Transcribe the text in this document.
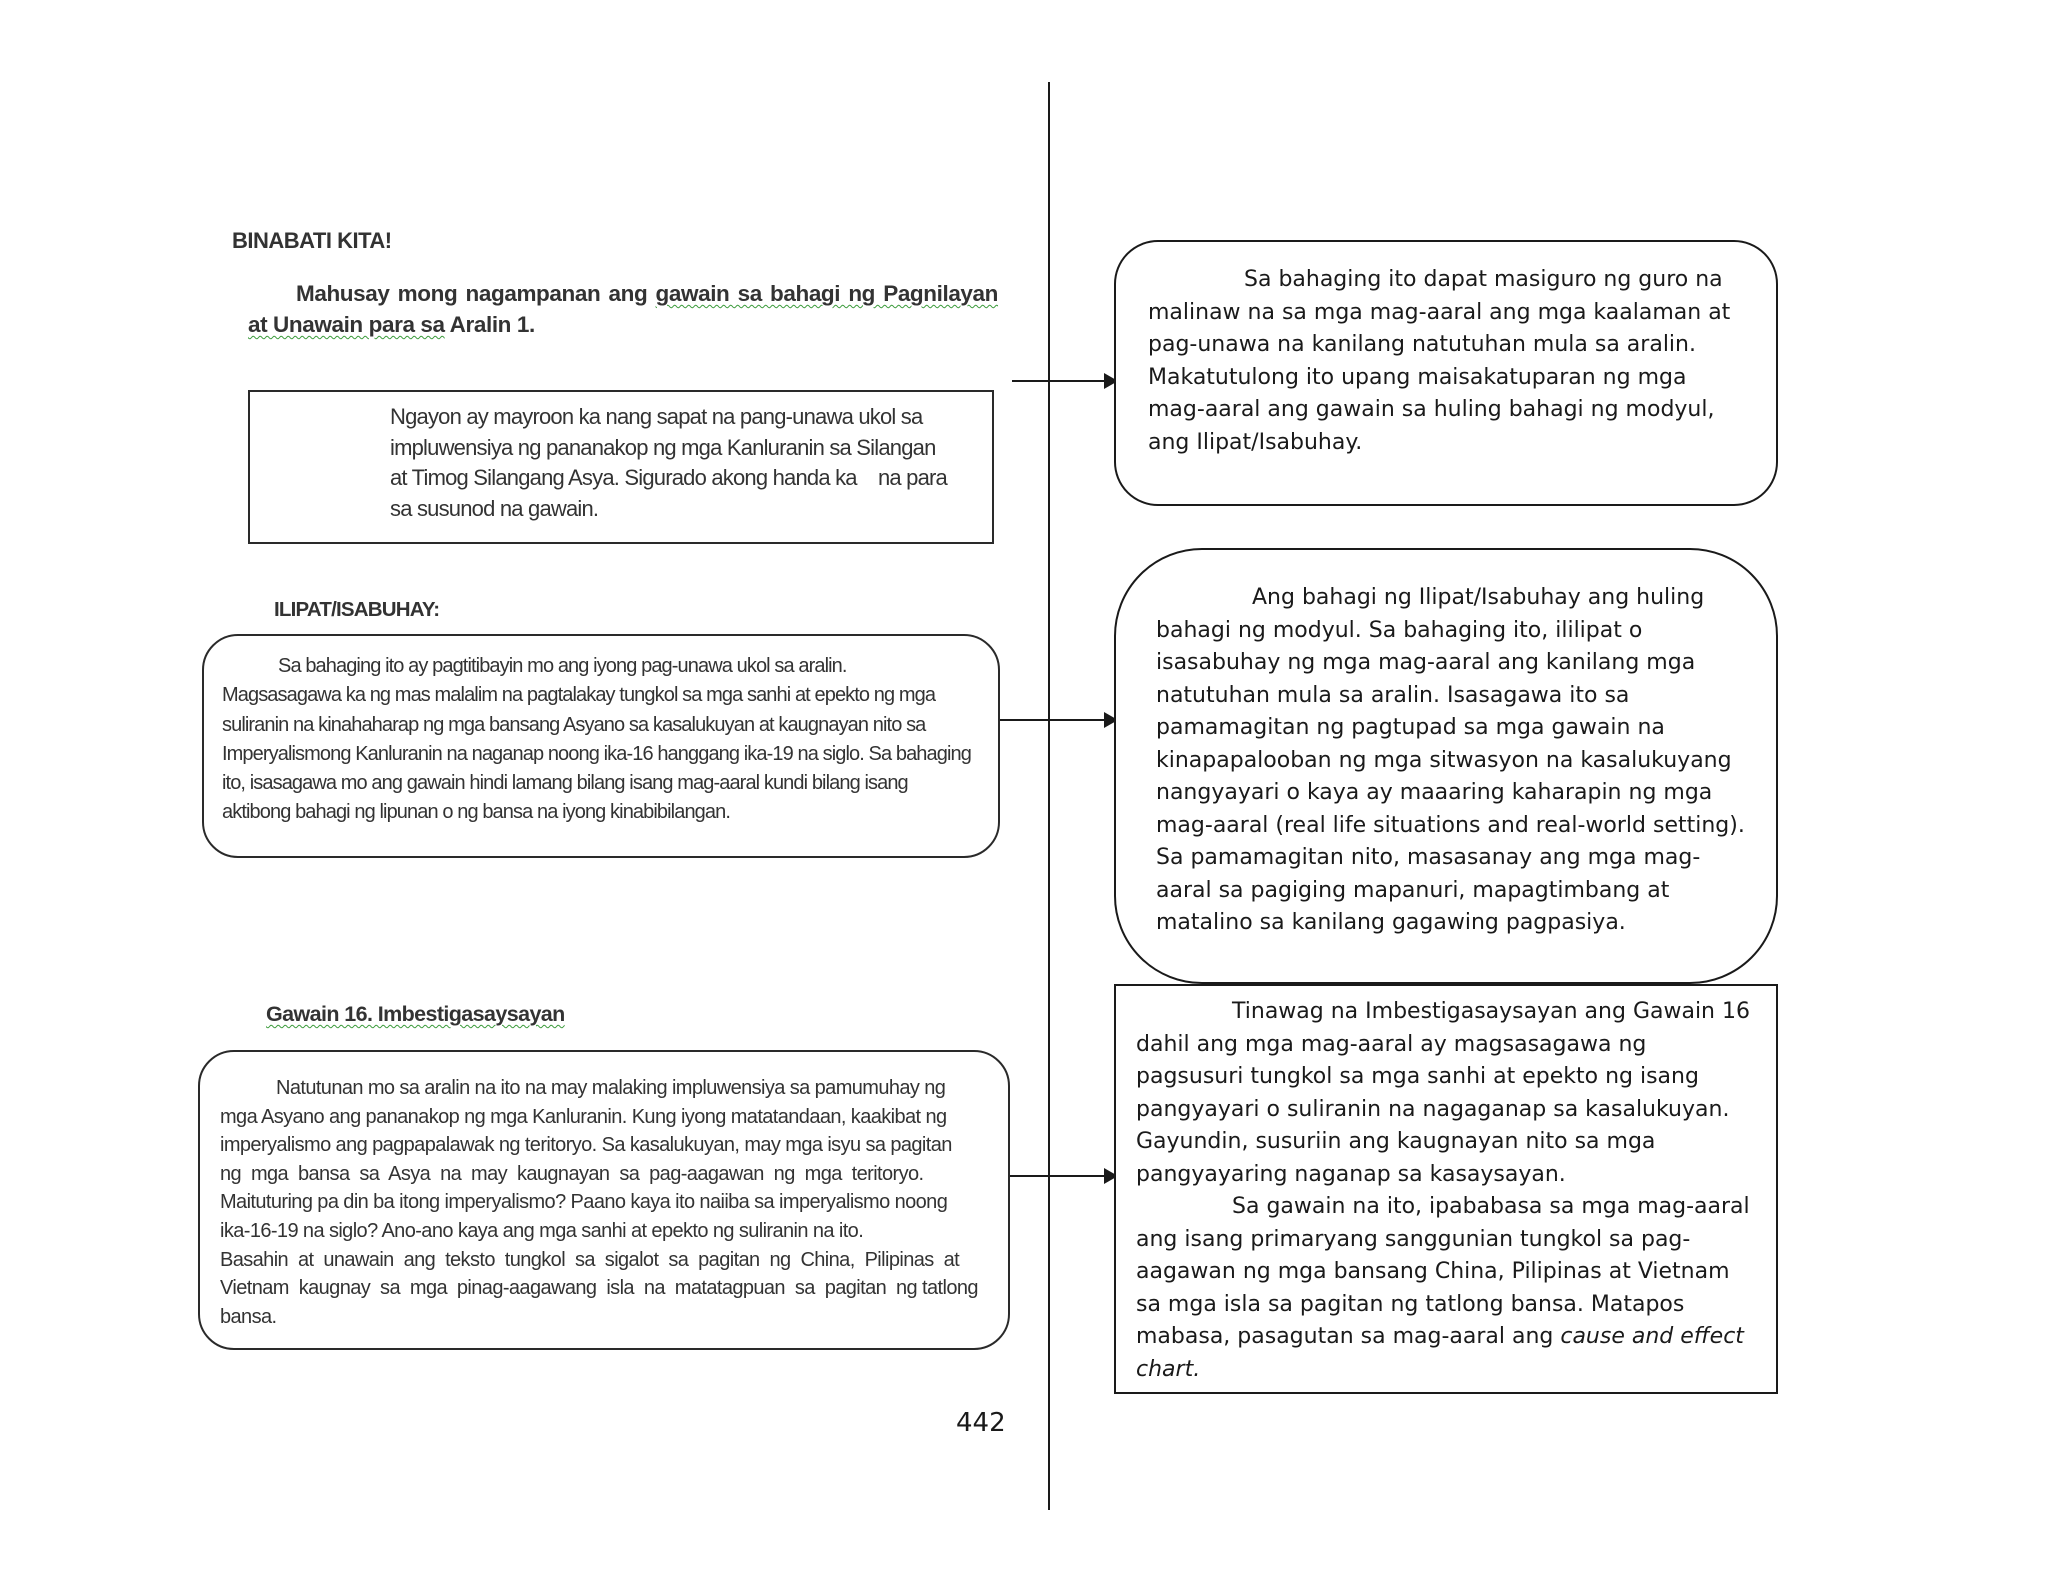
BINABATI KITA!
Mahusay mong nagampanan ang gawain sa bahagi ng Pagnilayan
at Unawain para sa Aralin 1.
Ngayon ay mayroon ka nang sapat na pang-unawa ukol sa
impluwensiya ng pananakop ng mga Kanluranin sa Silangan
at Timog Silangang Asya. Sigurado akong handa ka    na para
sa susunod na gawain.
ILIPAT/ISABUHAY:
Sa bahaging ito ay pagtitibayin mo ang iyong pag-unawa ukol sa aralin.
Magsasagawa ka ng mas malalim na pagtalakay tungkol sa mga sanhi at epekto ng mga
suliranin na kinahaharap ng mga bansang Asyano sa kasalukuyan at kaugnayan nito sa
Imperyalismong Kanluranin na naganap noong ika-16 hanggang ika-19 na siglo. Sa bahaging
ito, isasagawa mo ang gawain hindi lamang bilang isang mag-aaral kundi bilang isang
aktibong bahagi ng lipunan o ng bansa na iyong kinabibilangan.
Gawain 16. Imbestigasaysayan
Natutunan mo sa aralin na ito na may malaking impluwensiya sa pamumuhay ng
mga Asyano ang pananakop ng mga Kanluranin. Kung iyong matatandaan, kaakibat ng
imperyalismo ang pagpapalawak ng teritoryo. Sa kasalukuyan, may mga isyu sa pagitan
ng  mga  bansa  sa  Asya  na  may  kaugnayan  sa  pag-aagawan  ng  mga  teritoryo.
Maituturing pa din ba itong imperyalismo? Paano kaya ito naiiba sa imperyalismo noong
ika-16-19 na siglo? Ano-ano kaya ang mga sanhi at epekto ng suliranin na ito.
Basahin  at  unawain  ang  teksto  tungkol  sa  sigalot  sa  pagitan  ng  China,  Pilipinas  at
Vietnam  kaugnay  sa  mga  pinag-aagawang  isla  na  matatagpuan  sa  pagitan  ng tatlong
bansa.

Sa bahaging ito dapat masiguro ng guro na malinaw na sa mga mag-aaral ang mga kaalaman at pag-unawa na kanilang natutuhan mula sa aralin. Makatutulong ito upang maisakatuparan ng mga mag-aaral ang gawain sa huling bahagi ng modyul, ang Ilipat/Isabuhay.

Ang bahagi ng Ilipat/Isabuhay ang huling bahagi ng modyul. Sa bahaging ito, ililipat o isasabuhay ng mga mag-aaral ang kanilang mga natutuhan mula sa aralin. Isasagawa ito sa pamamagitan ng pagtupad sa mga gawain na kinapapalooban ng mga sitwasyon na kasalukuyang nangyayari o kaya ay maaaring kaharapin ng mga mag-aaral (real life situations and real-world setting). Sa pamamagitan nito, masasanay ang mga mag-aaral sa pagiging mapanuri, mapagtimbang at matalino sa kanilang gagawing pagpasiya.

Tinawag na Imbestigasaysayan ang Gawain 16 dahil ang mga mag-aaral ay magsasagawa ng pagsusuri tungkol sa mga sanhi at epekto ng isang pangyayari o suliranin na nagaganap sa kasalukuyan. Gayundin, susuriin ang kaugnayan nito sa mga pangyayaring naganap sa kasaysayan.

Sa gawain na ito, ipababasa sa mga mag-aaral ang isang primaryang sanggunian tungkol sa pag-aagawan ng mga bansang China, Pilipinas at Vietnam sa mga isla sa pagitan ng tatlong bansa. Matapos mabasa, pasagutan sa mag-aaral ang cause and effect chart.

442
